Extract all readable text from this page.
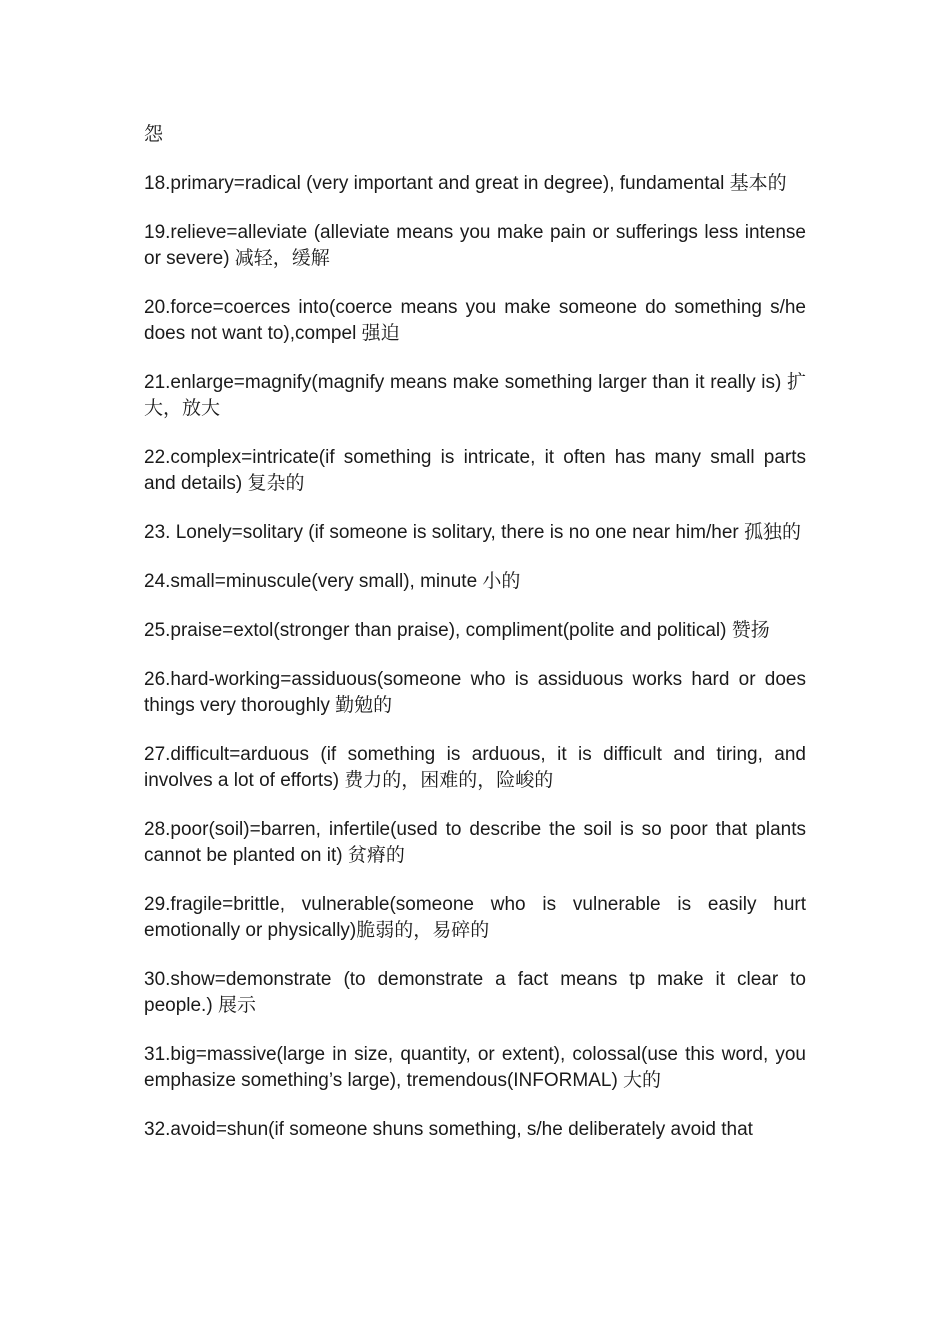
怨

18.primary=radical (very important and great in degree), fundamental 基本的

19.relieve=alleviate (alleviate means you make pain or sufferings less intense or severe) 减轻，缓解

20.force=coerces into(coerce means you make someone do something s/he does not want to),compel 强迫

21.enlarge=magnify(magnify means make something larger than it really is) 扩大，放大

22.complex=intricate(if something is intricate, it often has many small parts and details) 复杂的

23. Lonely=solitary (if someone is solitary, there is no one near him/her 孤独的

24.small=minuscule(very small), minute 小的

25.praise=extol(stronger than praise), compliment(polite and political) 赞扬

26.hard-working=assiduous(someone who is assiduous works hard or does things very thoroughly 勤勉的

27.difficult=arduous (if something is arduous, it is difficult and tiring, and involves a lot of efforts) 费力的，困难的，险峻的

28.poor(soil)=barren, infertile(used to describe the soil is so poor that plants cannot be planted on it) 贫瘠的

29.fragile=brittle, vulnerable(someone who is vulnerable is easily hurt emotionally or physically)脆弱的，易碎的

30.show=demonstrate (to demonstrate a fact means tp make it clear to people.) 展示

31.big=massive(large in size, quantity, or extent), colossal(use this word, you emphasize something’s large), tremendous(INFORMAL) 大的

32.avoid=shun(if someone shuns something, s/he deliberately avoid that
